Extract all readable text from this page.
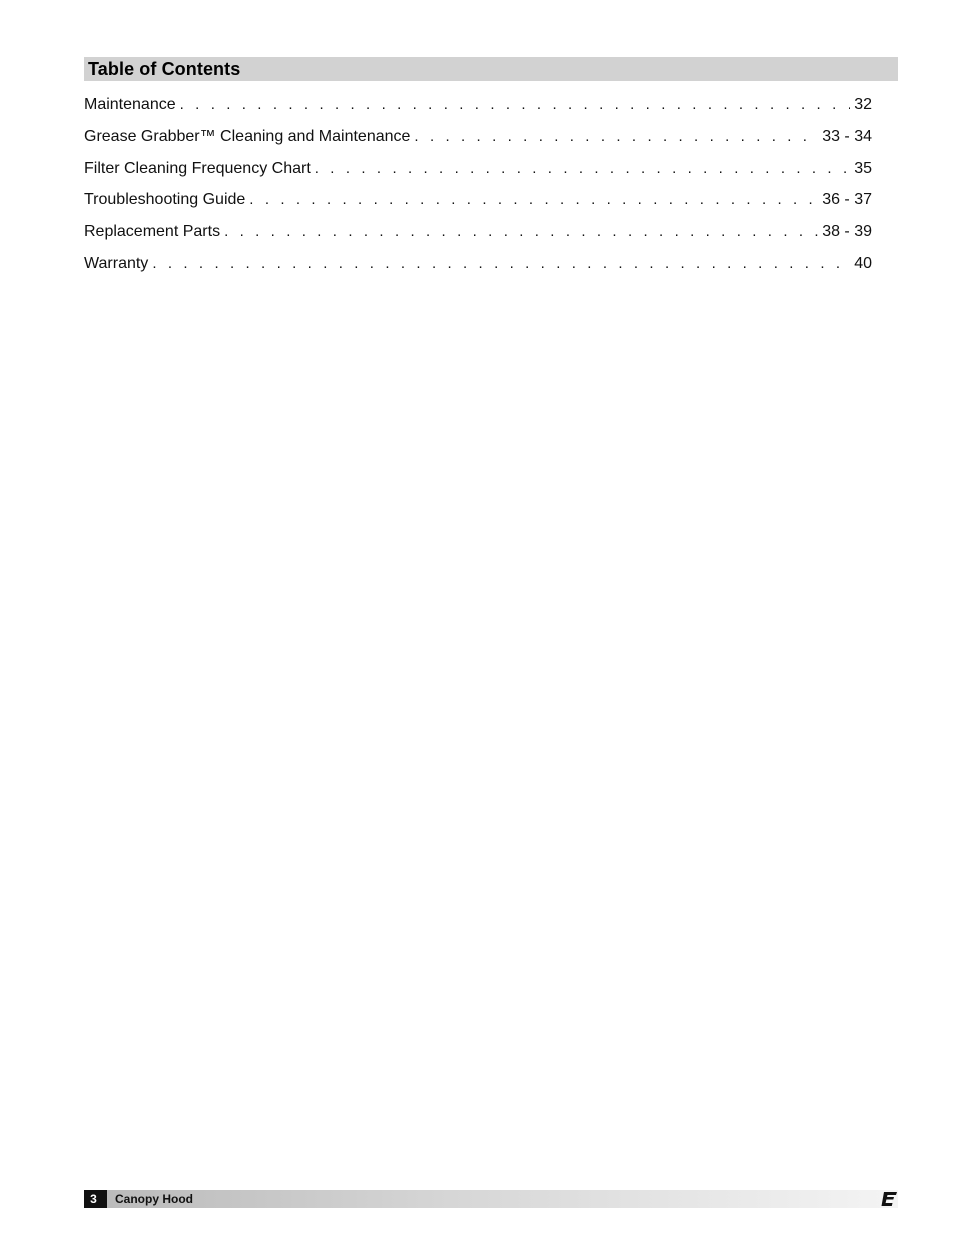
Table of Contents
Maintenance . . .	32
Grease Grabber™ Cleaning and Maintenance . . .	33 - 34
Filter Cleaning Frequency Chart . . .	35
Troubleshooting Guide . . .	36 - 37
Replacement Parts . . .	38 - 39
Warranty . . .	40
3	Canopy Hood
